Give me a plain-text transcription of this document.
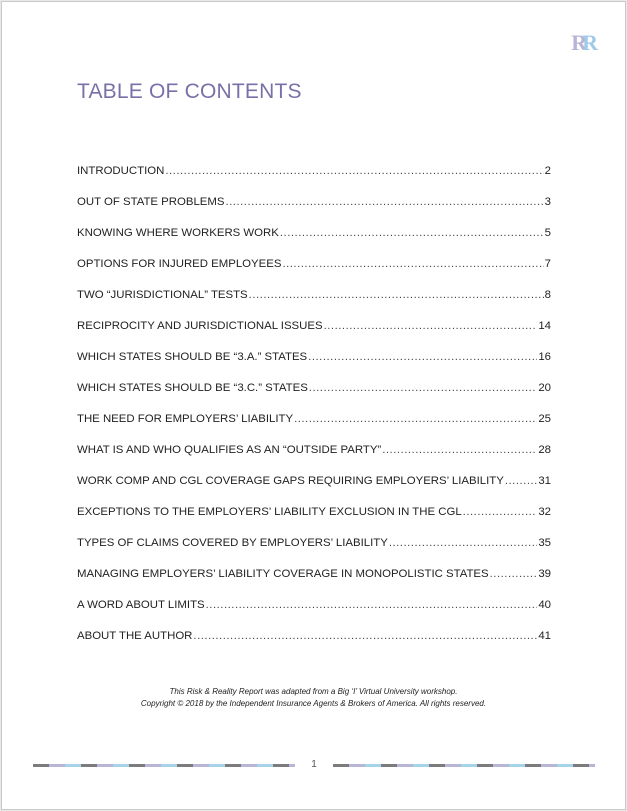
RR
TABLE OF CONTENTS
INTRODUCTION .....	2
OUT OF STATE PROBLEMS .....	3
KNOWING WHERE WORKERS WORK .....	5
OPTIONS FOR INJURED EMPLOYEES .....	7
TWO “JURISDICTIONAL” TESTS .....	8
RECIPROCITY AND JURISDICTIONAL ISSUES .....	14
WHICH STATES SHOULD BE “3.A.” STATES .....	16
WHICH STATES SHOULD BE “3.C.” STATES .....	20
THE NEED FOR EMPLOYERS’ LIABILITY .....	25
WHAT IS AND WHO QUALIFIES AS AN “OUTSIDE PARTY” .....	28
WORK COMP AND CGL COVERAGE GAPS REQUIRING EMPLOYERS’ LIABILITY .....	31
EXCEPTIONS TO THE EMPLOYERS’ LIABILITY EXCLUSION IN THE CGL .....	32
TYPES OF CLAIMS COVERED BY EMPLOYERS’ LIABILITY .....	35
MANAGING EMPLOYERS’ LIABILITY COVERAGE IN MONOPOLISTIC STATES .....	39
A WORD ABOUT LIMITS .....	40
ABOUT THE AUTHOR .....	41
This Risk & Reality Report was adapted from a Big ‘I’ Virtual University workshop.
Copyright © 2018 by the Independent Insurance Agents & Brokers of America. All rights reserved.
1
